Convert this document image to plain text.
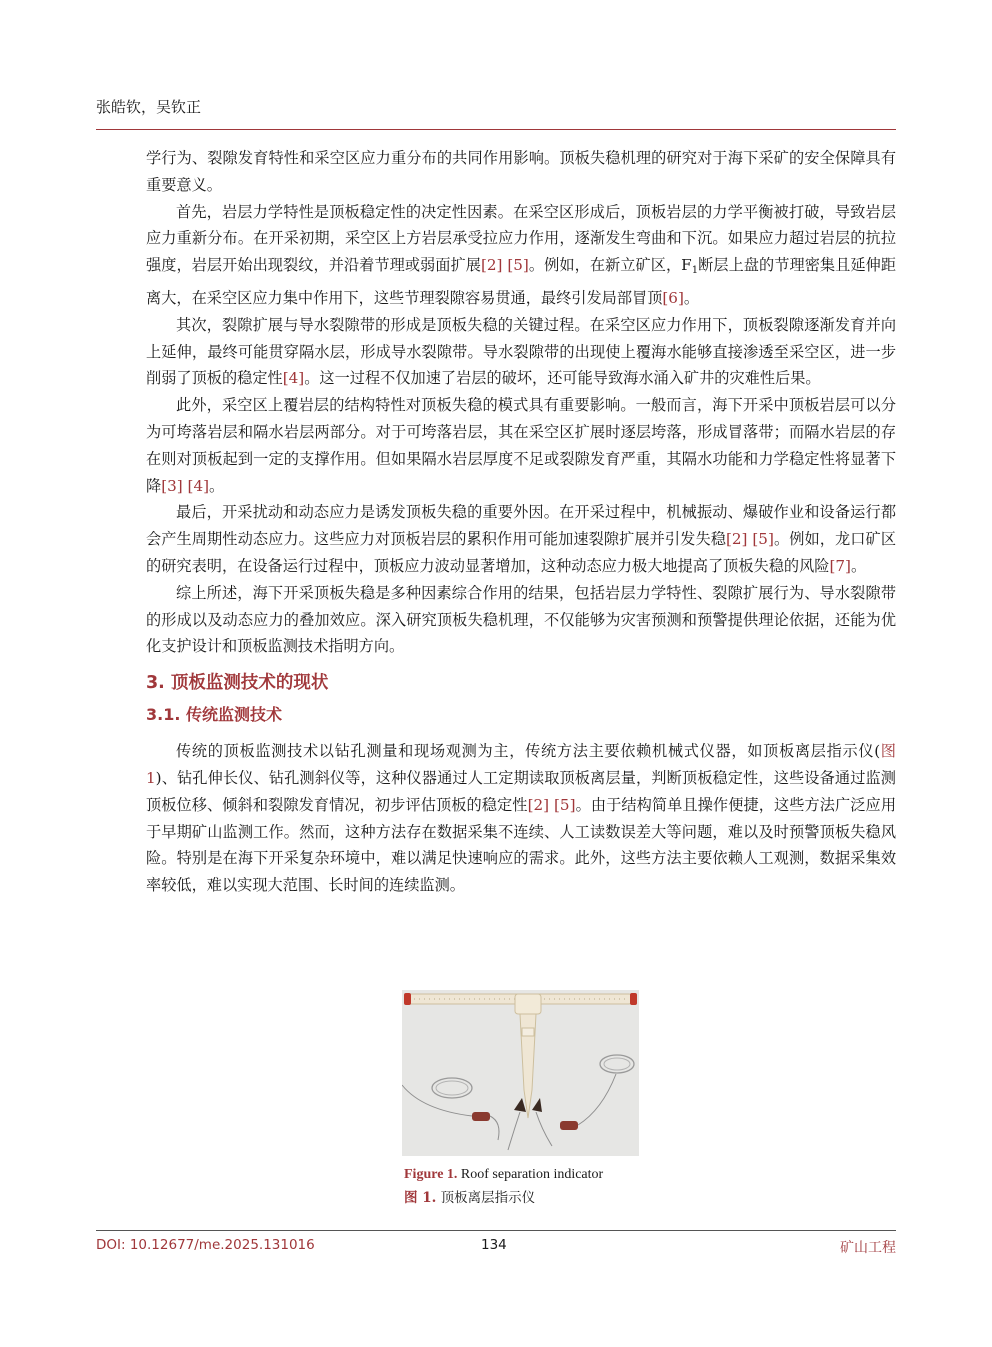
张皓钦，吴钦正

学行为、裂隙发育特性和采空区应力重分布的共同作用影响。顶板失稳机理的研究对于海下采矿的安全保障具有重要意义。

首先，岩层力学特性是顶板稳定性的决定性因素。在采空区形成后，顶板岩层的力学平衡被打破，导致岩层应力重新分布。在开采初期，采空区上方岩层承受拉应力作用，逐渐发生弯曲和下沉。如果应力超过岩层的抗拉强度，岩层开始出现裂纹，并沿着节理或弱面扩展[2] [5]。例如，在新立矿区，F1断层上盘的节理密集且延伸距离大，在采空区应力集中作用下，这些节理裂隙容易贯通，最终引发局部冒顶[6]。

其次，裂隙扩展与导水裂隙带的形成是顶板失稳的关键过程。在采空区应力作用下，顶板裂隙逐渐发育并向上延伸，最终可能贯穿隔水层，形成导水裂隙带。导水裂隙带的出现使上覆海水能够直接渗透至采空区，进一步削弱了顶板的稳定性[4]。这一过程不仅加速了岩层的破坏，还可能导致海水涌入矿井的灾难性后果。

此外，采空区上覆岩层的结构特性对顶板失稳的模式具有重要影响。一般而言，海下开采中顶板岩层可以分为可垮落岩层和隔水岩层两部分。对于可垮落岩层，其在采空区扩展时逐层垮落，形成冒落带；而隔水岩层的存在则对顶板起到一定的支撑作用。但如果隔水岩层厚度不足或裂隙发育严重，其隔水功能和力学稳定性将显著下降[3] [4]。

最后，开采扰动和动态应力是诱发顶板失稳的重要外因。在开采过程中，机械振动、爆破作业和设备运行都会产生周期性动态应力。这些应力对顶板岩层的累积作用可能加速裂隙扩展并引发失稳[2] [5]。例如，龙口矿区的研究表明，在设备运行过程中，顶板应力波动显著增加，这种动态应力极大地提高了顶板失稳的风险[7]。

综上所述，海下开采顶板失稳是多种因素综合作用的结果，包括岩层力学特性、裂隙扩展行为、导水裂隙带的形成以及动态应力的叠加效应。深入研究顶板失稳机理，不仅能够为灾害预测和预警提供理论依据，还能为优化支护设计和顶板监测技术指明方向。

3. 顶板监测技术的现状
3.1. 传统监测技术

传统的顶板监测技术以钻孔测量和现场观测为主，传统方法主要依赖机械式仪器，如顶板离层指示仪(图 1)、钻孔伸长仪、钻孔测斜仪等，这种仪器通过人工定期读取顶板离层量，判断顶板稳定性，这些设备通过监测顶板位移、倾斜和裂隙发育情况，初步评估顶板的稳定性[2] [5]。由于结构简单且操作便捷，这些方法广泛应用于早期矿山监测工作。然而，这种方法存在数据采集不连续、人工读数误差大等问题，难以及时预警顶板失稳风险。特别是在海下开采复杂环境中，难以满足快速响应的需求。此外，这些方法主要依赖人工观测，数据采集效率较低，难以实现大范围、长时间的连续监测。

Figure 1. Roof separation indicator
图 1. 顶板离层指示仪
DOI: 10.12677/me.2025.131016	134	矿山工程
